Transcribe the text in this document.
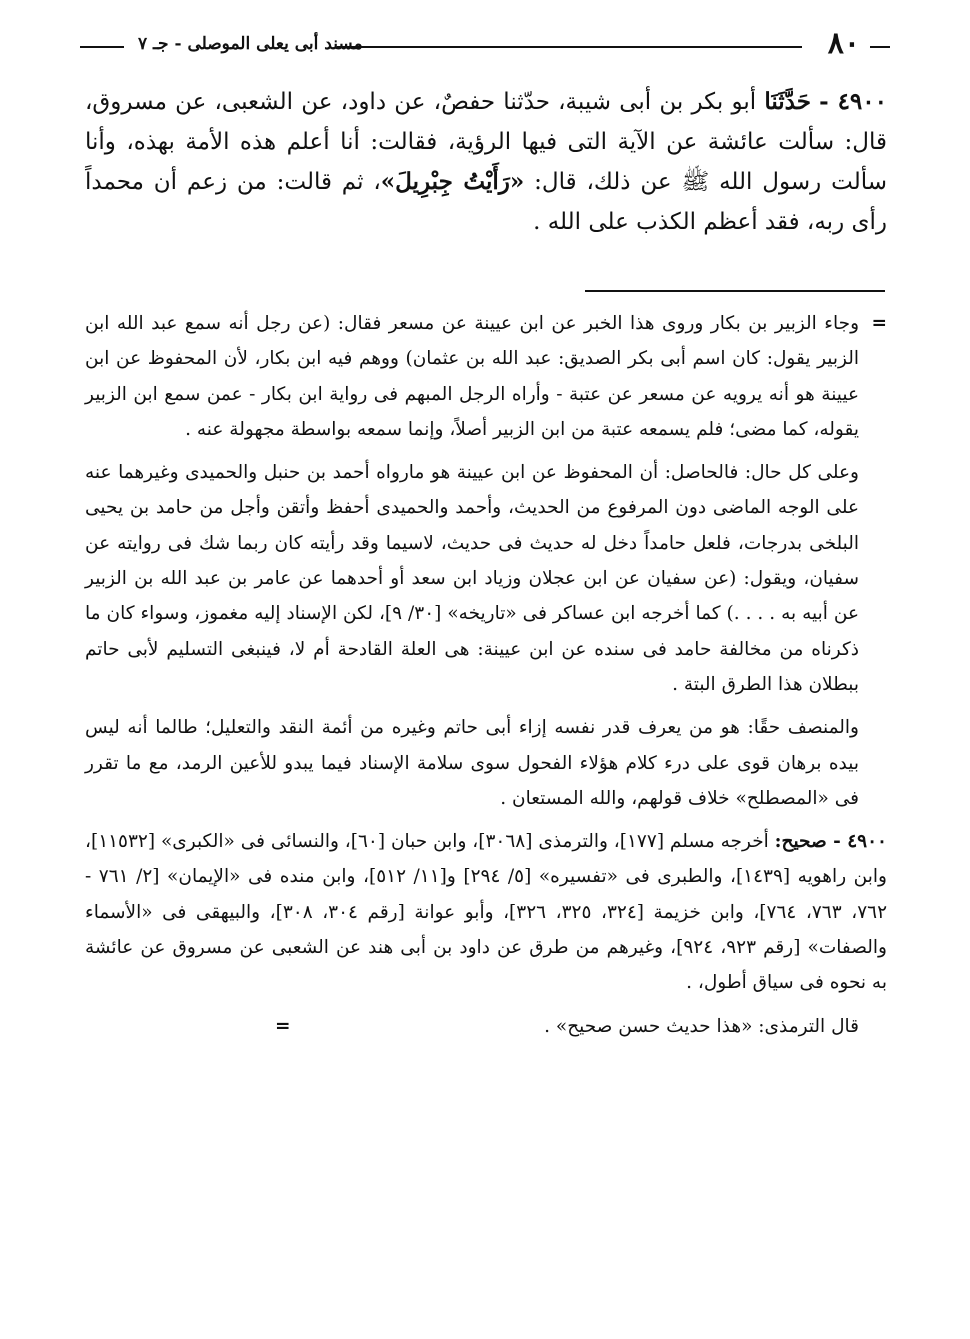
٨٠
مسند أبى يعلى الموصلى - جـ ٧
٤٩٠٠ - حَدَّثَنَا أبو بكر بن أبى شيبة، حدّثنا حفصٌ، عن داود، عن الشعبى، عن مسروق، قال: سألت عائشة عن الآية التى فيها الرؤية، فقالت: أنا أعلم هذه الأمة بهذه، وأنا سألت رسول الله ﷺ عن ذلك، قال: «رَأَيْتُ جِبْرِيلَ»، ثم قالت: من زعم أن محمداً رأى ربه، فقد أعظم الكذب على الله .

=وجاء الزبير بن بكار وروى هذا الخبر عن ابن عيينة عن مسعر فقال: (عن رجل أنه سمع عبد الله ابن الزبير يقول: كان اسم أبى بكر الصديق: عبد الله بن عثمان) ووهم فيه ابن بكار، لأن المحفوظ عن ابن عيينة هو أنه يرويه عن مسعر عن عتبة - وأراه الرجل المبهم فى رواية ابن بكار - عمن سمع ابن الزبير يقوله، كما مضى؛ فلم يسمعه عتبة من ابن الزبير أصلاً، وإنما سمعه بواسطة مجهولة عنه .

وعلى كل حال: فالحاصل: أن المحفوظ عن ابن عيينة هو مارواه أحمد بن حنبل والحميدى وغيرهما عنه على الوجه الماضى دون المرفوع من الحديث، وأحمد والحميدى أحفظ وأتقن وأجل من حامد بن يحيى البلخى بدرجات، فلعل حامداً دخل له حديث فى حديث، لاسيما وقد رأيته كان ربما شك فى روايته عن سفيان، ويقول: (عن سفيان عن ابن عجلان وزياد ابن سعد أو أحدهما عن عامر بن عبد الله بن الزبير عن أبيه به . . . .) كما أخرجه ابن عساكر فى «تاريخه» [٣٠/ ٩]، لكن الإسناد إليه مغموز، وسواء كان ما ذكرناه من مخالفة حامد فى سنده عن ابن عيينة: هى العلة القادحة أم لا، فينبغى التسليم لأبى حاتم ببطلان هذا الطرق البتة .

والمنصف حقًا: هو من يعرف قدر نفسه إزاء أبى حاتم وغيره من أئمة النقد والتعليل؛ طالما أنه ليس بيده برهان قوى على درء كلام هؤلاء الفحول سوى سلامة الإسناد فيما يبدو للأعين الرمد، مع ما تقرر فى «المصطلح» خلاف قولهم، والله المستعان .

٤٩٠٠ - صحيح: أخرجه مسلم [١٧٧]، والترمذى [٣٠٦٨]، وابن حبان [٦٠]، والنسائى فى «الكبرى» [١١٥٣٢]، وابن راهويه [١٤٣٩]، والطبرى فى «تفسيره» [٥/ ٢٩٤] و[١١/ ٥١٢]، وابن منده فى «الإيمان» [٢/ ٧٦١ - ٧٦٢، ٧٦٣، ٧٦٤]، وابن خزيمة [٣٢٤، ٣٢٥، ٣٢٦]، وأبو عوانة [رقم ٣٠٤، ٣٠٨]، والبيهقى فى «الأسماء والصفات» [رقم ٩٢٣، ٩٢٤]، وغيرهم من طرق عن داود بن أبى هند عن الشعبى عن مسروق عن عائشة به نحوه فى سياق أطول، .

قال الترمذى: «هذا حديث حسن صحيح» .
=
